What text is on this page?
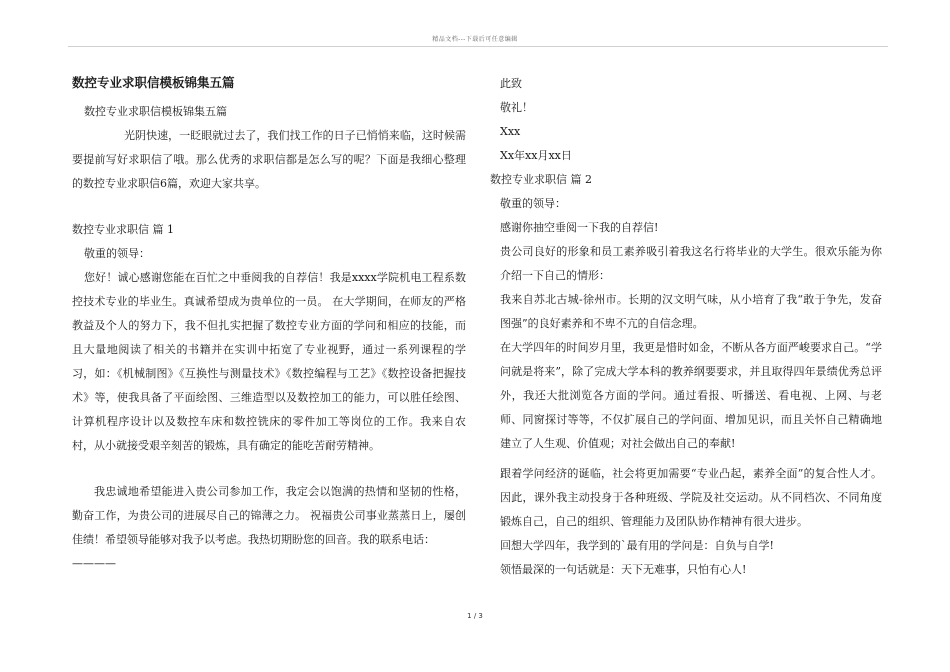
精品文档---下载后可任意编辑

数控专业求职信模板锦集五篇

数控专业求职信模板锦集五篇

光阴快速，一眨眼就过去了，我们找工作的日子已悄悄来临，这时候需要提前写好求职信了哦。那么优秀的求职信都是怎么写的呢？下面是我细心整理的数控专业求职信6篇，欢迎大家共享。

数控专业求职信 篇 1

敬重的领导：

您好！诚心感谢您能在百忙之中垂阅我的自荐信！我是xxxx学院机电工程系数控技术专业的毕业生。真诚希望成为贵单位的一员。 在大学期间，在师友的严格教益及个人的努力下，我不但扎实把握了数控专业方面的学问和相应的技能，而且大量地阅读了相关的书籍并在实训中拓宽了专业视野，通过一系列课程的学习，如：《机械制图》《互换性与测量技术》《数控编程与工艺》《数控设备把握技术》等，使我具备了平面绘图、三维造型以及数控加工的能力，可以胜任绘图、计算机程序设计以及数控车床和数控铣床的零件加工等岗位的工作。我来自农村，从小就接受艰辛刻苦的锻炼，具有确定的能吃苦耐劳精神。

我忠诚地希望能进入贵公司参加工作，我定会以饱满的热情和坚韧的性格，勤奋工作，为贵公司的进展尽自己的锦薄之力。 祝福贵公司事业蒸蒸日上，屡创佳绩！希望领导能够对我予以考虑。我热切期盼您的回音。我的联系电话：

————

此致

敬礼！

Xxx

Xx年xx月xx日

数控专业求职信 篇 2

敬重的领导：

感谢你抽空垂阅一下我的自荐信!

贵公司良好的形象和员工素养吸引着我这名行将毕业的大学生。很欢乐能为你介绍一下自己的情形：

我来自苏北古城-徐州市。长期的汉文明气味，从小培育了我“敢于争先，发奋图强”的良好素养和不卑不亢的自信念理。

在大学四年的时间岁月里，我更是惜时如金，不断从各方面严峻要求自己。“学问就是将来”，除了完成大学本科的教养纲要要求，并且取得四年景绩优秀总评外，我还大批浏览各方面的学问。通过看报、听播送、看电视、上网、与老师、同窗探讨等等，不仅扩展自己的学问面、增加见识，而且关怀自己精确地建立了人生观、价值观；对社会做出自己的奉献!

跟着学问经济的诞临，社会将更加需要“专业凸起，素养全面”的复合性人才。因此，课外我主动投身于各种班级、学院及社交运动。从不同档次、不同角度锻炼自己，自己的组织、管理能力及团队协作精神有很大进步。

回想大学四年，我学到的`最有用的学问是：自负与自学!

领悟最深的一句话就是：天下无难事，只怕有心人!

1 / 3
